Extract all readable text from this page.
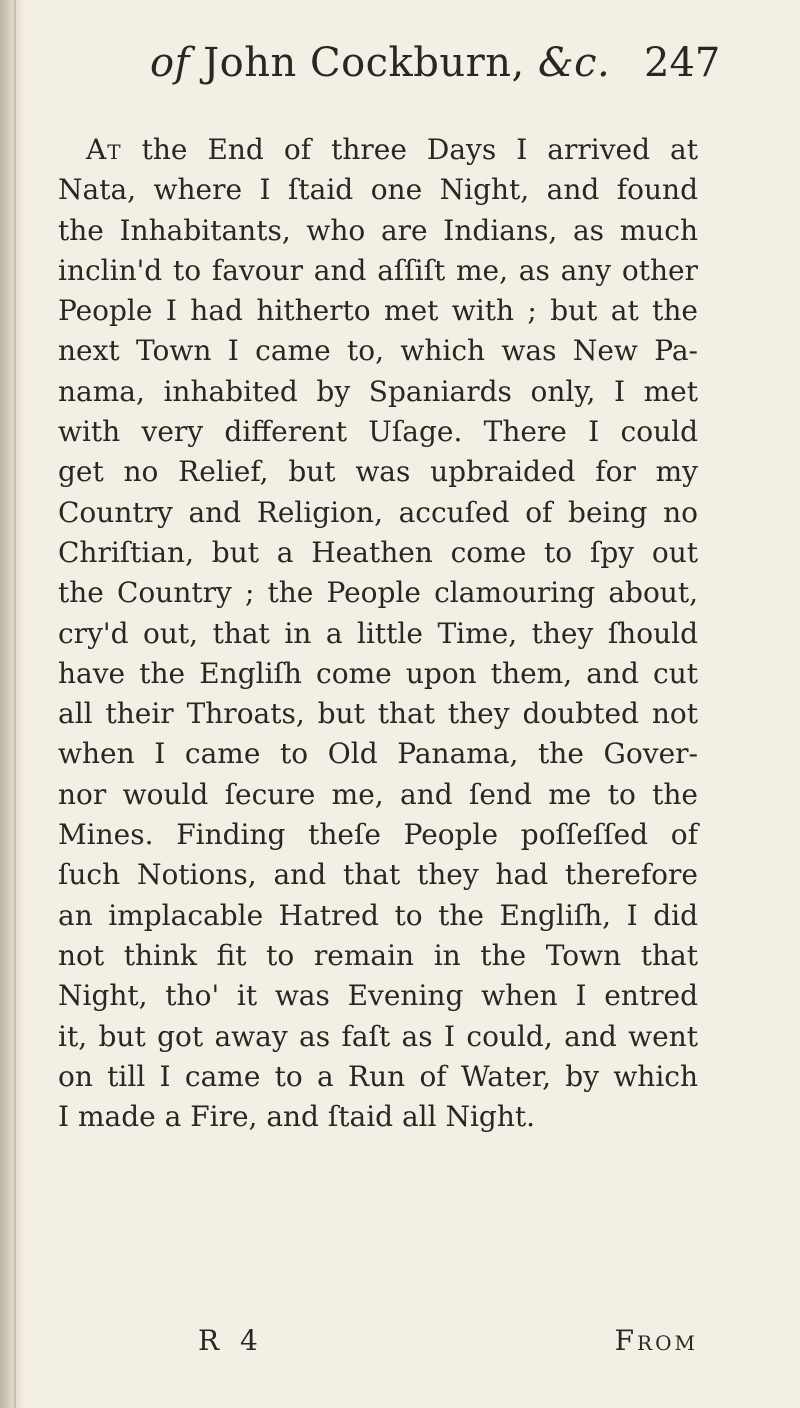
of John Cockburn, &c. 247
At the End of three Days I arrived at
Nata, where I ſtaid one Night, and found
the Inhabitants, who are Indians, as much
inclin'd to favour and aſſiſt me, as any other
People I had hitherto met with ; but at the
next Town I came to, which was New Pa-
nama, inhabited by Spaniards only, I met
with very different Uſage. There I could
get no Relief, but was upbraided for my
Country and Religion, accuſed of being no
Chriſtian, but a Heathen come to ſpy out
the Country ; the People clamouring about,
cry'd out, that in a little Time, they ſhould
have the Engliſh come upon them, and cut
all their Throats, but that they doubted not
when I came to Old Panama, the Gover-
nor would ſecure me, and ſend me to the
Mines. Finding theſe People poſſeſſed of
ſuch Notions, and that they had therefore
an implacable Hatred to the Engliſh, I did
not think fit to remain in the Town that
Night, tho' it was Evening when I entred
it, but got away as faſt as I could, and went
on till I came to a Run of Water, by which
I made a Fire, and ſtaid all Night.
R 4	From
